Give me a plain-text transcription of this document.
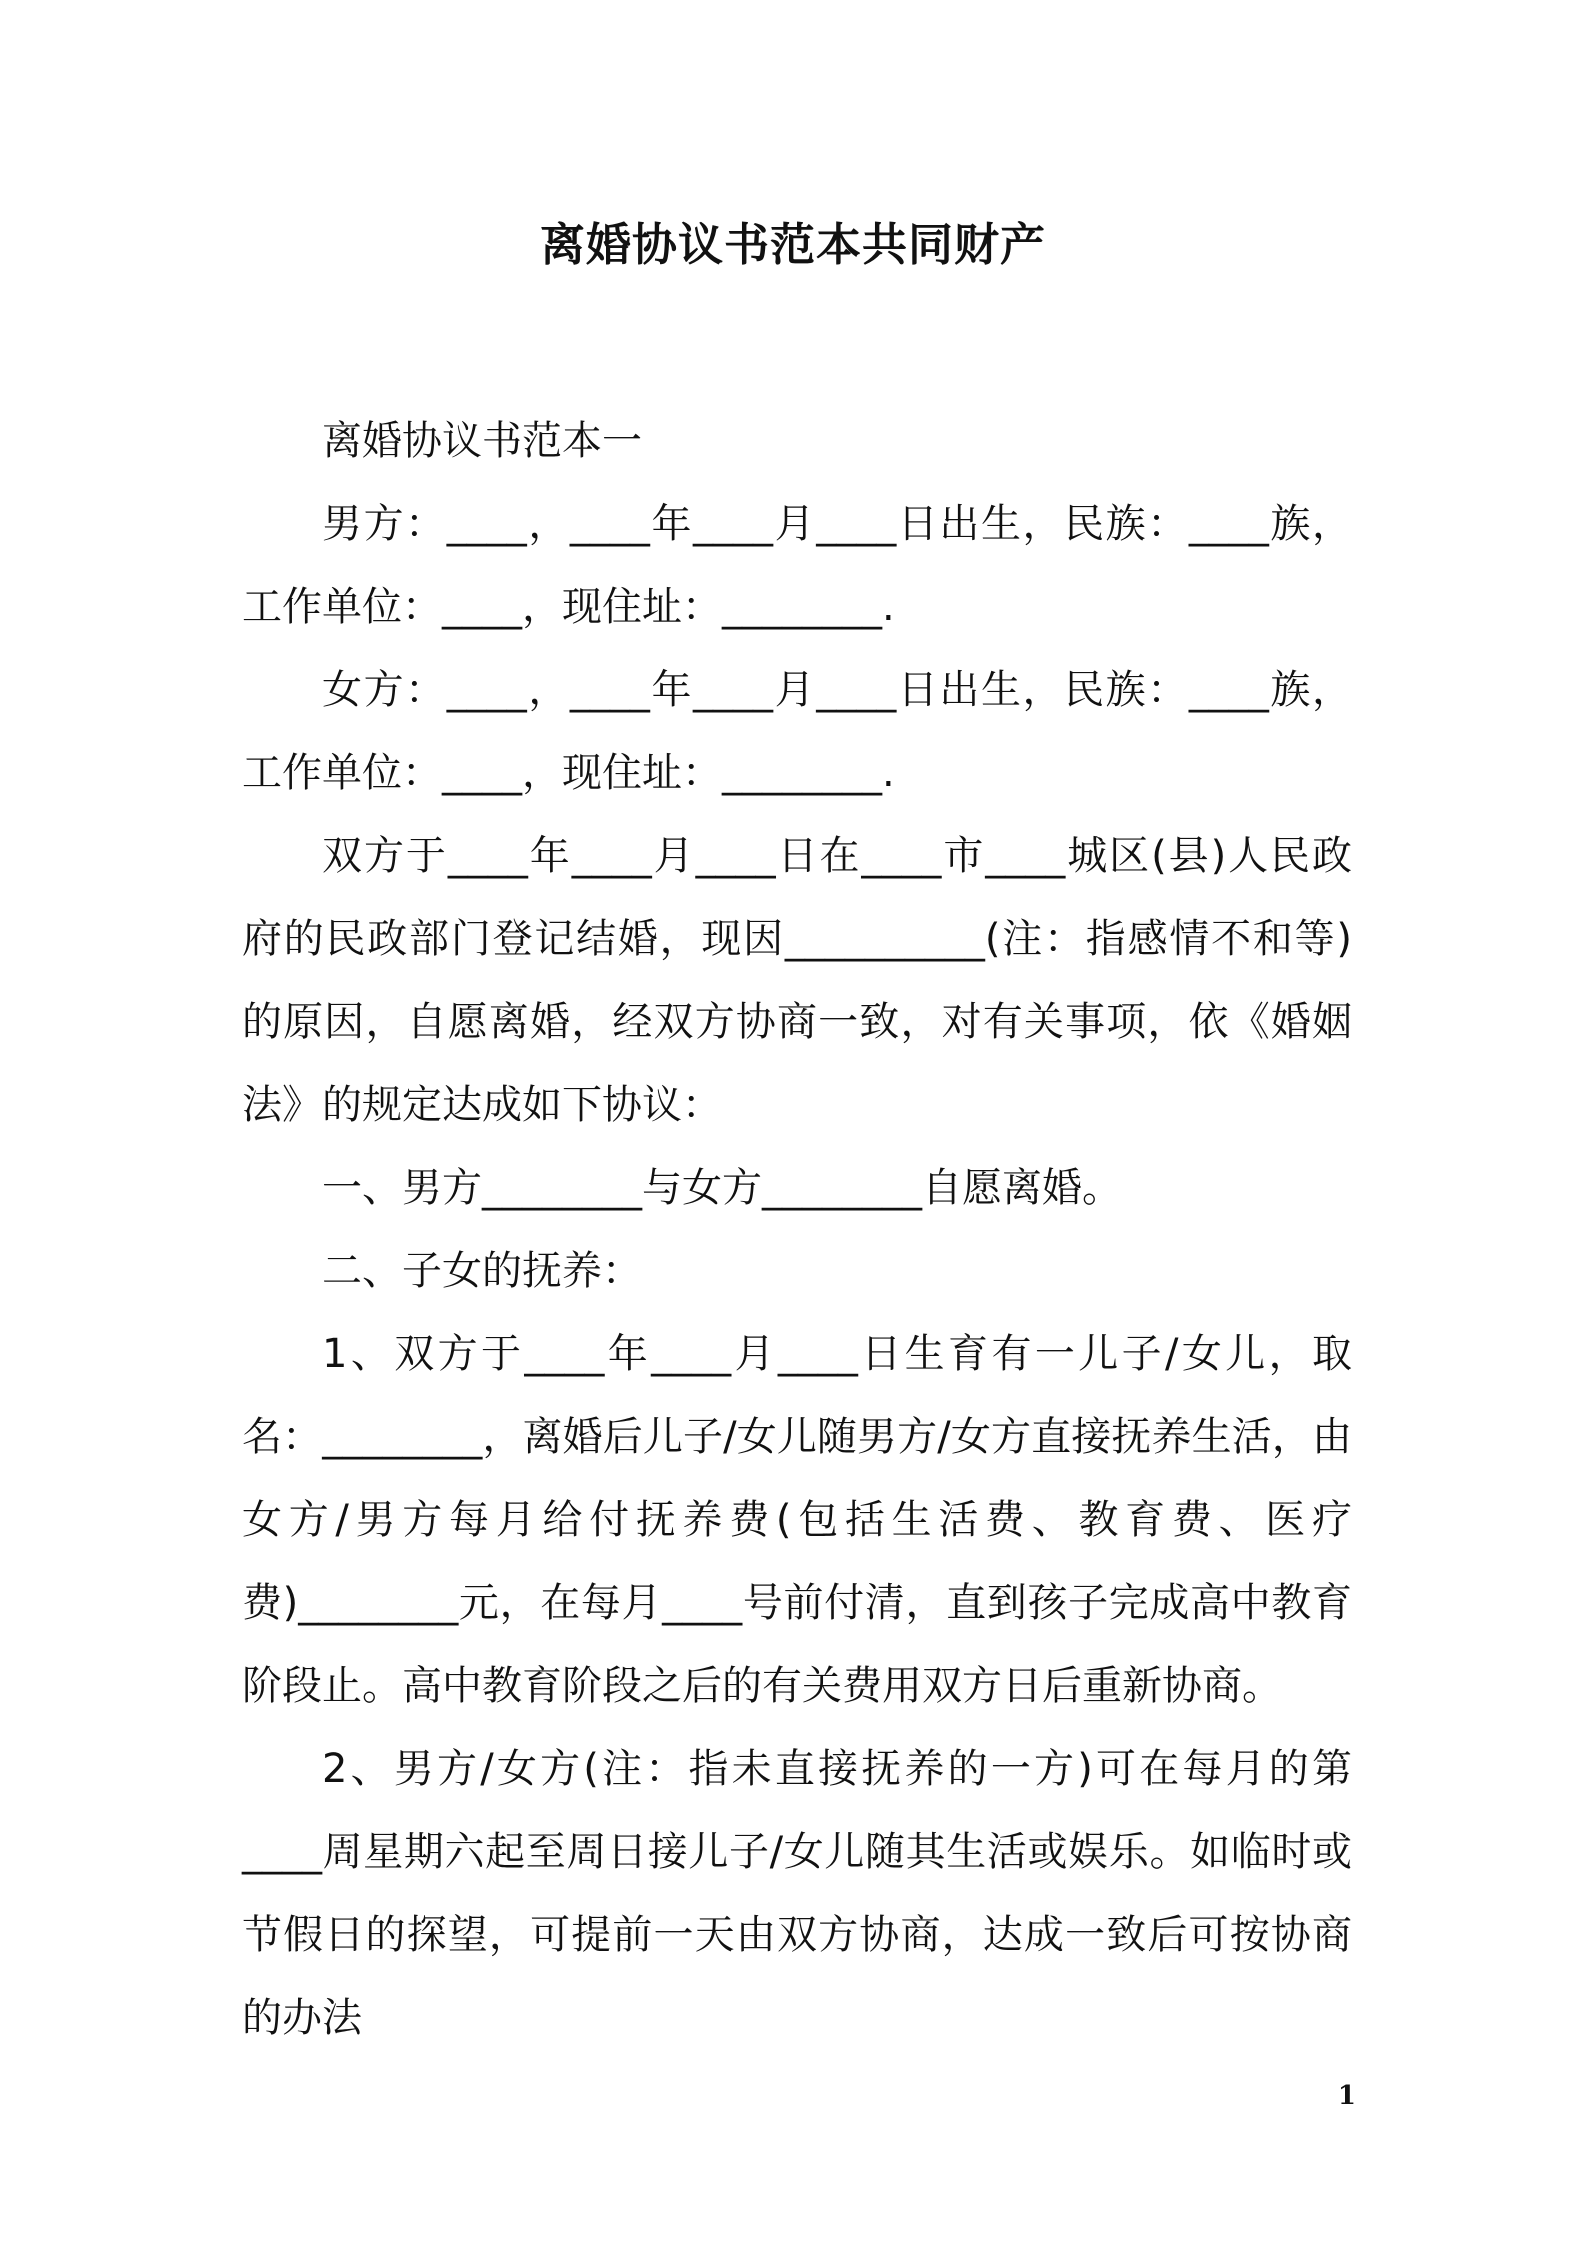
离婚协议书范本共同财产

离婚协议书范本一

男方：____，____年____月____日出生，民族：____族，工作单位：____，现住址：________.

女方：____，____年____月____日出生，民族：____族，工作单位：____，现住址：________.

双方于____年____月____日在____市____城区(县)人民政府的民政部门登记结婚，现因__________(注：指感情不和等)的原因，自愿离婚，经双方协商一致，对有关事项，依《婚姻法》的规定达成如下协议：

一、男方________与女方________自愿离婚。

二、子女的抚养：

1、双方于____年____月____日生育有一儿子/女儿，取名：________，离婚后儿子/女儿随男方/女方直接抚养生活，由女方/男方每月给付抚养费(包括生活费、教育费、医疗费)________元，在每月____号前付清，直到孩子完成高中教育阶段止。高中教育阶段之后的有关费用双方日后重新协商。

2、男方/女方(注：指未直接抚养的一方)可在每月的第____周星期六起至周日接儿子/女儿随其生活或娱乐。如临时或节假日的探望，可提前一天由双方协商，达成一致后可按协商的办法

1
